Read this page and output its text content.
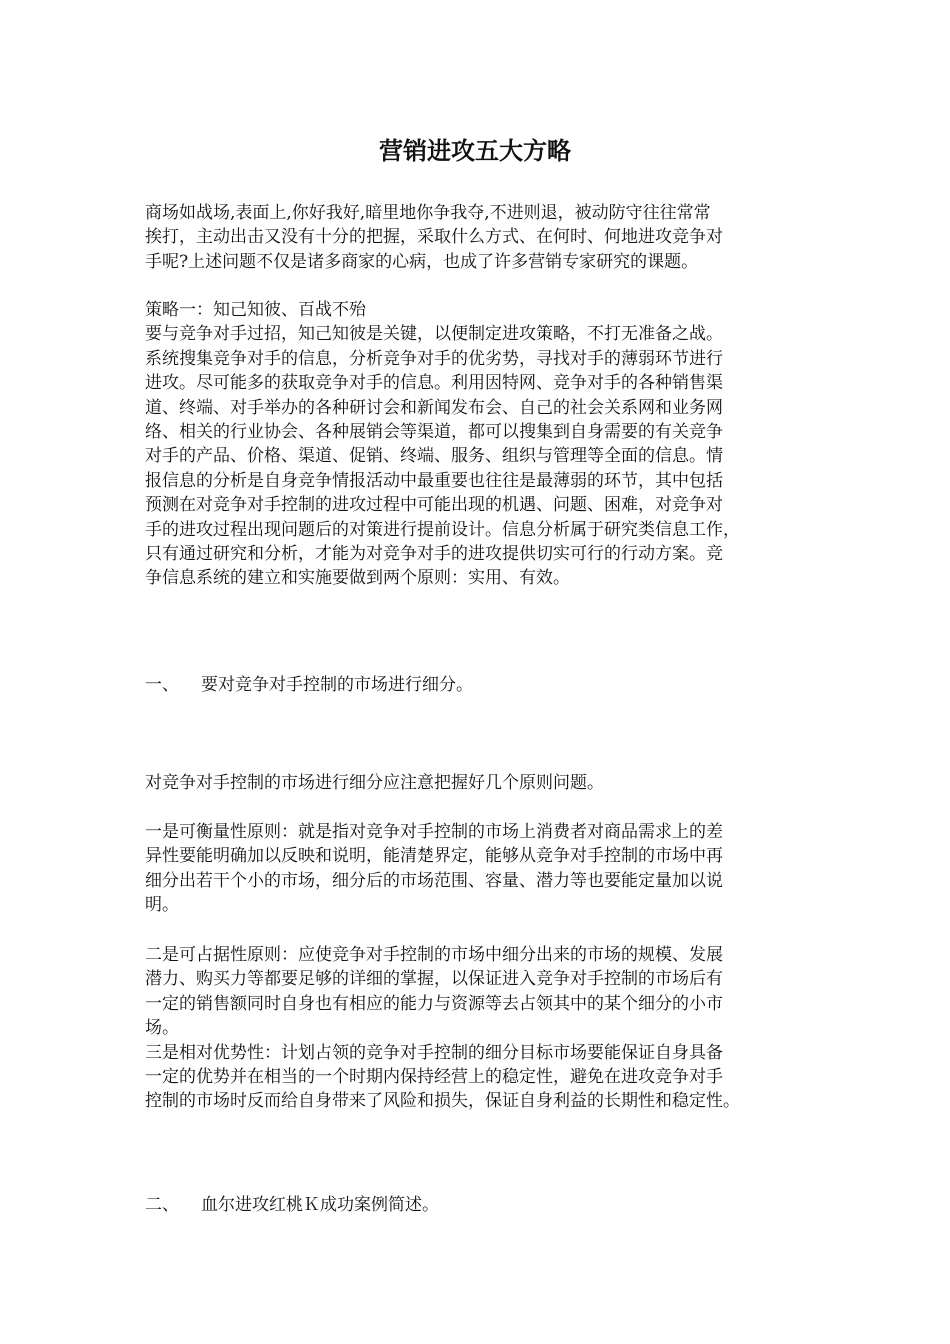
营销进攻五大方略
商场如战场,表面上,你好我好,暗里地你争我夺,不进则退，被动防守往往常常
挨打，主动出击又没有十分的把握，采取什么方式、在何时、何地进攻竞争对
手呢?上述问题不仅是诸多商家的心病，也成了许多营销专家研究的课题。
策略一：知己知彼、百战不殆
要与竞争对手过招，知己知彼是关键，以便制定进攻策略，不打无准备之战。
系统搜集竞争对手的信息，分析竞争对手的优劣势，寻找对手的薄弱环节进行
进攻。尽可能多的获取竞争对手的信息。利用因特网、竞争对手的各种销售渠
道、终端、对手举办的各种研讨会和新闻发布会、自己的社会关系网和业务网
络、相关的行业协会、各种展销会等渠道，都可以搜集到自身需要的有关竞争
对手的产品、价格、渠道、促销、终端、服务、组织与管理等全面的信息。情
报信息的分析是自身竞争情报活动中最重要也往往是最薄弱的环节，其中包括
预测在对竞争对手控制的进攻过程中可能出现的机遇、问题、困难，对竞争对
手的进攻过程出现问题后的对策进行提前设计。信息分析属于研究类信息工作，
只有通过研究和分析，才能为对竞争对手的进攻提供切实可行的行动方案。竞
争信息系统的建立和实施要做到两个原则：实用、有效。
一、 要对竞争对手控制的市场进行细分。
对竞争对手控制的市场进行细分应注意把握好几个原则问题。
一是可衡量性原则：就是指对竞争对手控制的市场上消费者对商品需求上的差
异性要能明确加以反映和说明，能清楚界定，能够从竞争对手控制的市场中再
细分出若干个小的市场，细分后的市场范围、容量、潜力等也要能定量加以说
明。
二是可占据性原则：应使竞争对手控制的市场中细分出来的市场的规模、发展
潜力、购买力等都要足够的详细的掌握，以保证进入竞争对手控制的市场后有
一定的销售额同时自身也有相应的能力与资源等去占领其中的某个细分的小市
场。
三是相对优势性：计划占领的竞争对手控制的细分目标市场要能保证自身具备
一定的优势并在相当的一个时期内保持经营上的稳定性，避免在进攻竞争对手
控制的市场时反而给自身带来了风险和损失，保证自身利益的长期性和稳定性。
二、 血尔进攻红桃Ｋ成功案例简述。
